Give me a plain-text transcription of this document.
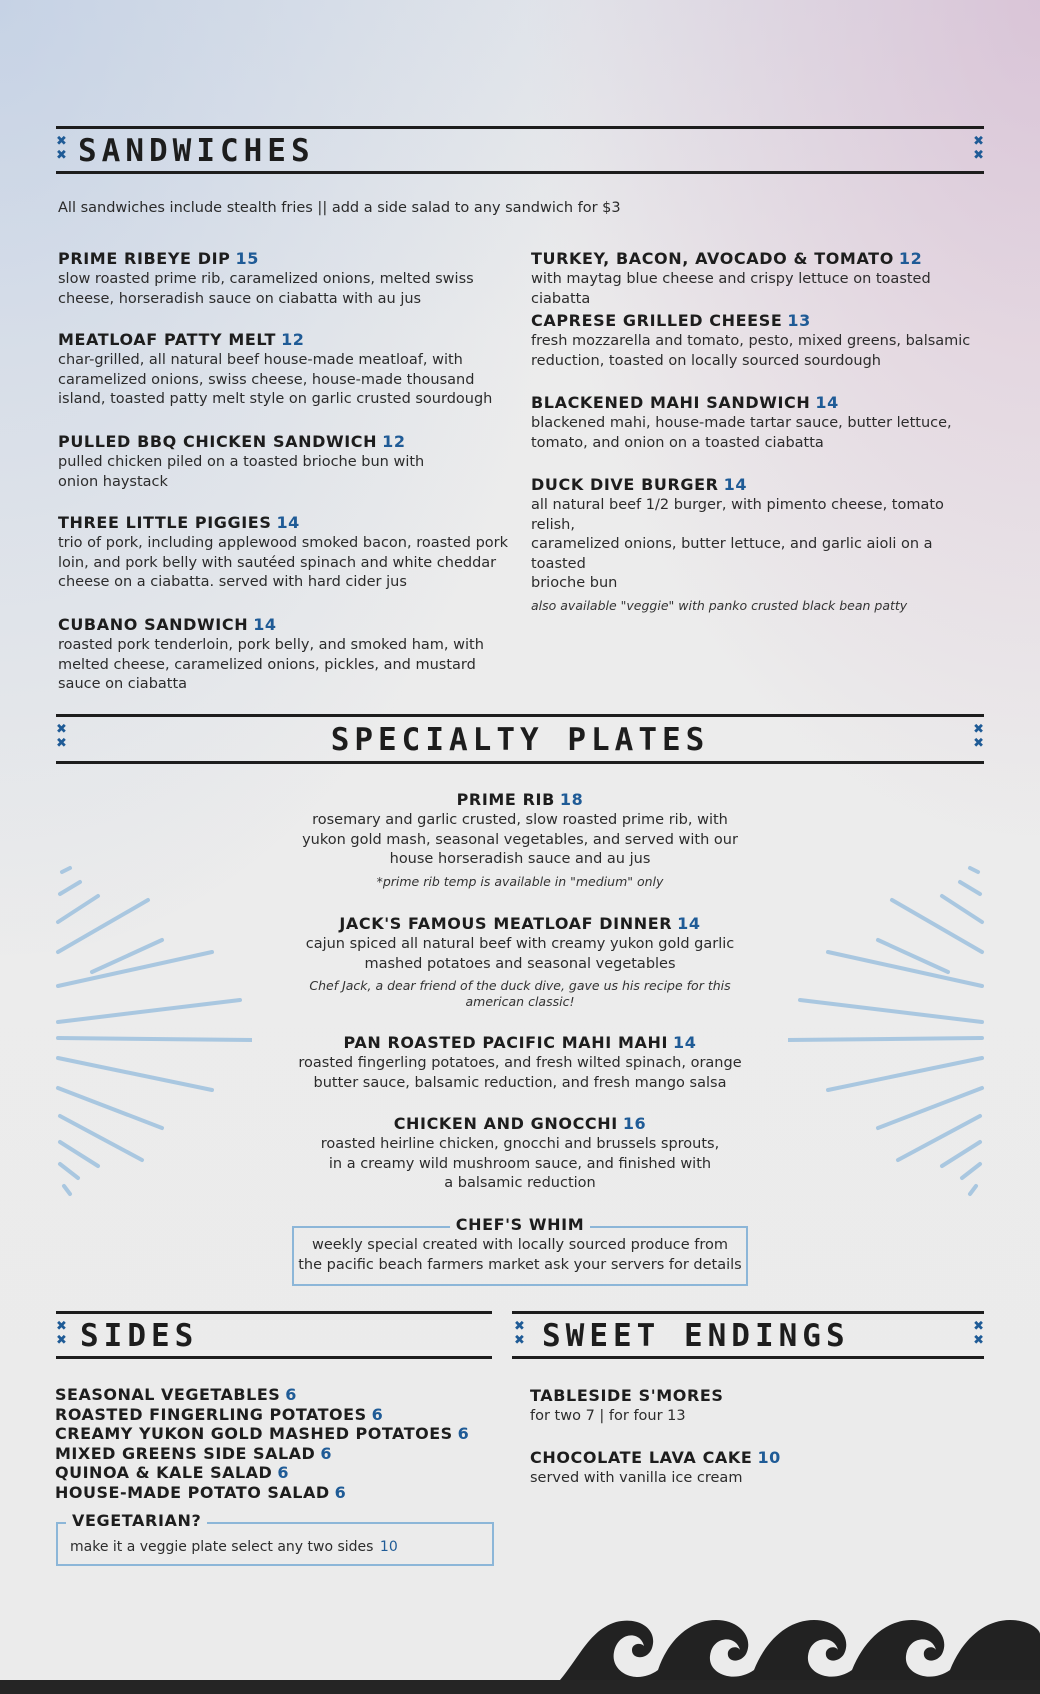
✖
✖ SANDWICHES	✖
✖
All sandwiches include stealth fries || add a side salad to any sandwich for $3
PRIME RIBEYE DIP 15
slow roasted prime rib, caramelized onions, melted swiss
cheese, horseradish sauce on ciabatta with au jus
MEATLOAF PATTY MELT 12
char-grilled, all natural beef house-made meatloaf, with
caramelized onions, swiss cheese, house-made thousand
island, toasted patty melt style on garlic crusted sourdough
PULLED BBQ CHICKEN SANDWICH 12
pulled chicken piled on a toasted brioche bun with
onion haystack
THREE LITTLE PIGGIES 14
trio of pork, including applewood smoked bacon, roasted pork
loin, and pork belly with sautéed spinach and white cheddar
cheese on a ciabatta. served with hard cider jus
CUBANO SANDWICH 14
roasted pork tenderloin, pork belly, and smoked ham, with
melted cheese, caramelized onions, pickles, and mustard
sauce on ciabatta
TURKEY, BACON, AVOCADO & TOMATO 12
with maytag blue cheese and crispy lettuce on toasted ciabatta
CAPRESE GRILLED CHEESE 13
fresh mozzarella and tomato, pesto, mixed greens, balsamic
reduction, toasted on locally sourced sourdough
BLACKENED MAHI SANDWICH 14
blackened mahi, house-made tartar sauce, butter lettuce,
tomato, and onion on a toasted ciabatta
DUCK DIVE BURGER 14
all natural beef 1/2 burger, with pimento cheese, tomato relish,
caramelized onions, butter lettuce, and garlic aioli on a toasted
brioche bun
also available "veggie" with panko crusted black bean patty
✖
✖	SPECIALTY PLATES	✖
✖
PRIME RIB 18
rosemary and garlic crusted, slow roasted prime rib, with
yukon gold mash, seasonal vegetables, and served with our
house horseradish sauce and au jus
*prime rib temp is available in "medium" only
JACK'S FAMOUS MEATLOAF DINNER 14
cajun spiced all natural beef with creamy yukon gold garlic
mashed potatoes and seasonal vegetables
Chef Jack, a dear friend of the duck dive, gave us his recipe for this
american classic!
PAN ROASTED PACIFIC MAHI MAHI 14
roasted fingerling potatoes, and fresh wilted spinach, orange
butter sauce, balsamic reduction, and fresh mango salsa
CHICKEN AND GNOCCHI 16
roasted heirline chicken, gnocchi and brussels sprouts,
in a creamy wild mushroom sauce, and finished with
a balsamic reduction
CHEF'S WHIM
weekly special created with locally sourced produce from
the pacific beach farmers market ask your servers for details
✖
✖ SIDES	✖
✖ SWEET ENDINGS	✖
✖
SEASONAL VEGETABLES 6
ROASTED FINGERLING POTATOES 6
CREAMY YUKON GOLD MASHED POTATOES 6
MIXED GREENS SIDE SALAD 6
QUINOA & KALE SALAD 6
HOUSE-MADE POTATO SALAD 6
VEGETARIAN?
make it a veggie plate select any two sides 10
TABLESIDE S'MORES
for two 7 | for four 13
CHOCOLATE LAVA CAKE 10
served with vanilla ice cream
